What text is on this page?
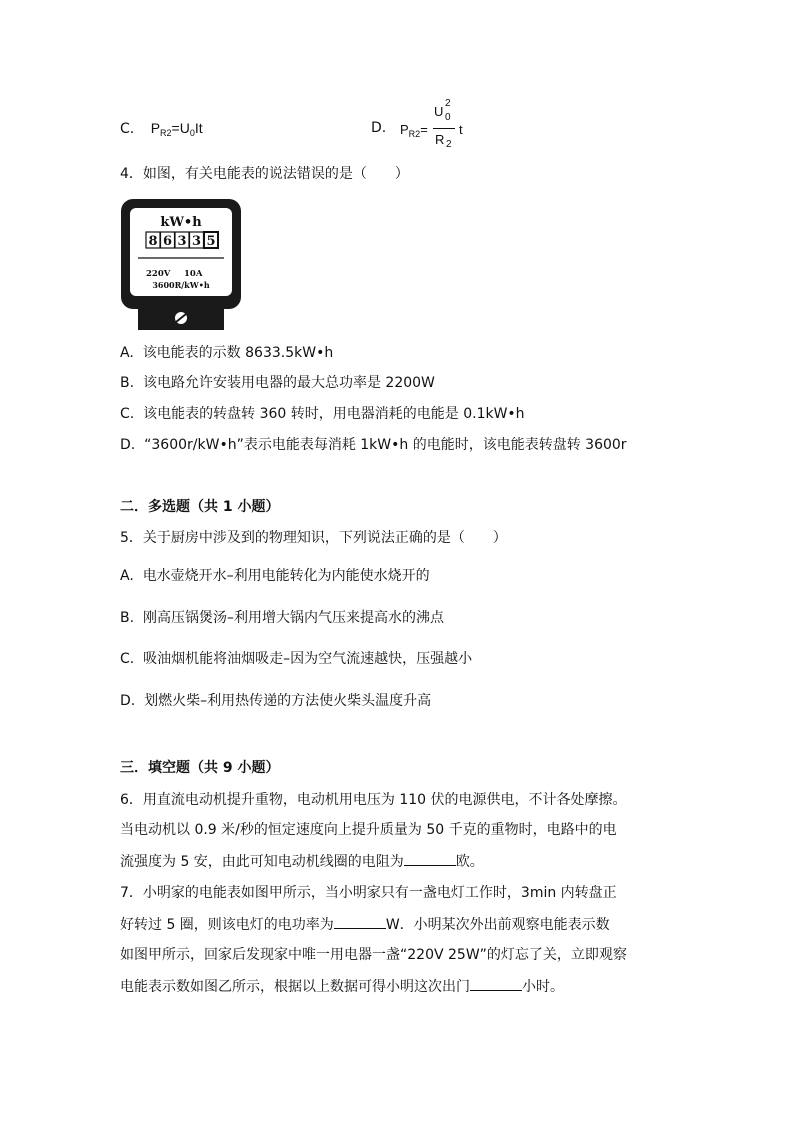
C. $P_{R2}=U_0It$	D. $P_{R2}=$
U
2
0
R 2
t
4．如图，有关电能表的说法错误的是（　　）
kW•h
8 6 3 3 5
220V 10A
3600R/kW•h
A. 该电能表的示数 8633.5kW•h
B. 该电路允许安装用电器的最大总功率是 2200W
C. 该电能表的转盘转 360 转时，用电器消耗的电能是 0.1kW•h
D. “3600r/kW•h”表示电能表每消耗 1kW•h 的电能时，该电能表转盘转 3600r
二．多选题（共 1 小题）
5．关于厨房中涉及到的物理知识，下列说法正确的是（　　）
A. 电水壶烧开水–利用电能转化为内能使水烧开的
B. 刚高压锅煲汤–利用增大锅内气压来提高水的沸点
C. 吸油烟机能将油烟吸走–因为空气流速越快，压强越小
D. 划燃火柴–利用热传递的方法使火柴头温度升高
三．填空题（共 9 小题）
6．用直流电动机提升重物，电动机用电压为 110 伏的电源供电，不计各处摩擦。
当电动机以 0.9 米/秒的恒定速度向上提升质量为 50 千克的重物时，电路中的电
流强度为 5 安，由此可知电动机线圈的电阻为	欧。
7．小明家的电能表如图甲所示，当小明家只有一盏电灯工作时，3min 内转盘正
好转过 5 圈，则该电灯的电功率为	W．小明某次外出前观察电能表示数
如图甲所示，回家后发现家中唯一用电器一盏“220V 25W”的灯忘了关，立即观察
电能表示数如图乙所示，根据以上数据可得小明这次出门	小时。
